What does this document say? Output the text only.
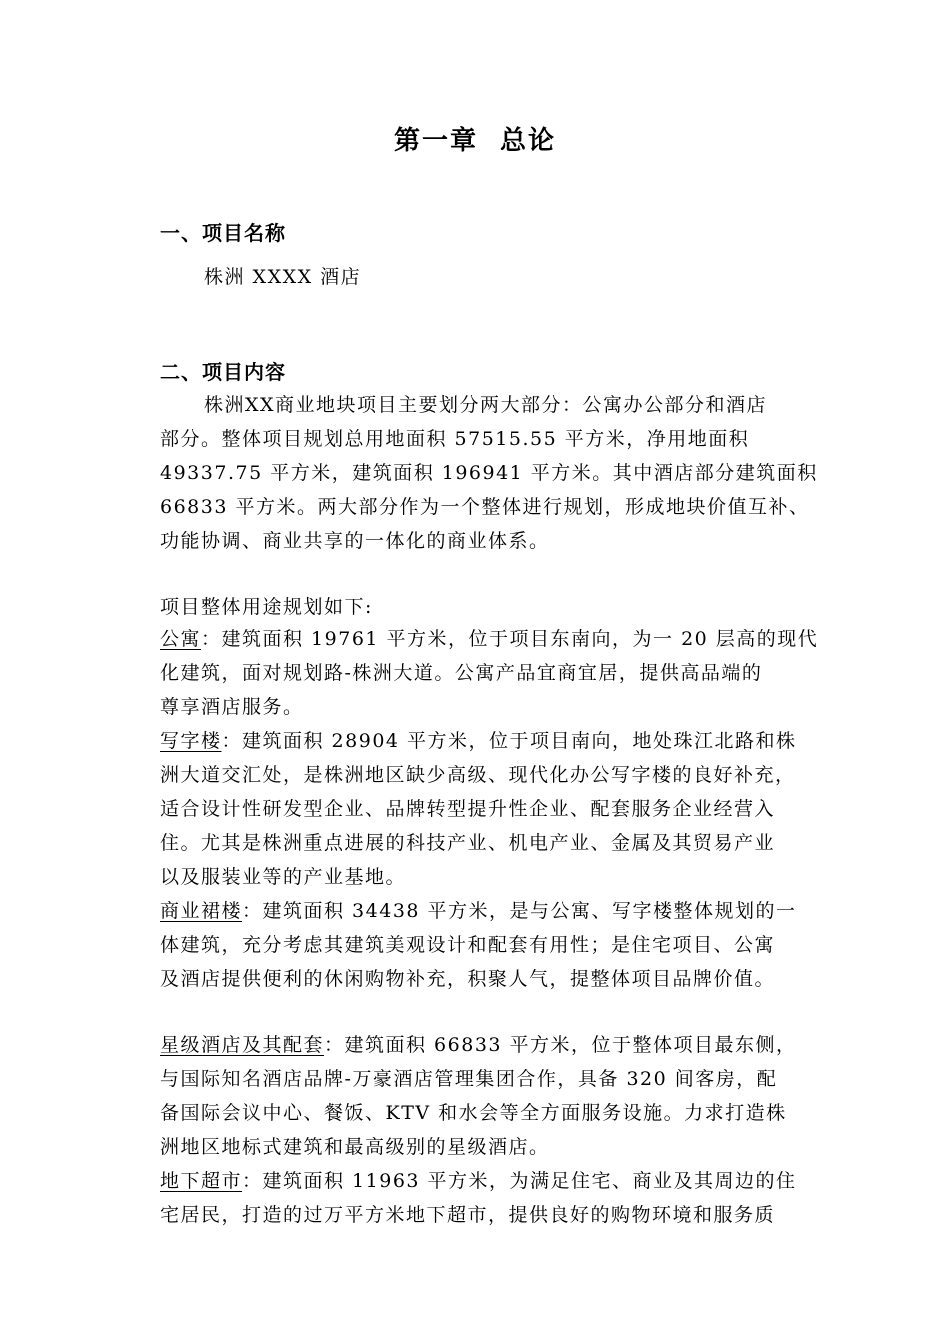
第一章 总论
一、项目名称
株洲 XXXX 酒店
二、项目内容
株洲XX商业地块项目主要划分两大部分：公寓办公部分和酒店
部分。整体项目规划总用地面积 57515.55 平方米，净用地面积
49337.75 平方米，建筑面积 196941 平方米。其中酒店部分建筑面积
66833 平方米。两大部分作为一个整体进行规划，形成地块价值互补、
功能协调、商业共享的一体化的商业体系。
项目整体用途规划如下:
公寓：建筑面积 19761 平方米，位于项目东南向，为一 20 层高的现代
化建筑，面对规划路-株洲大道。公寓产品宜商宜居，提供高品端的
尊享酒店服务。
写字楼：建筑面积 28904 平方米，位于项目南向，地处珠江北路和株
洲大道交汇处，是株洲地区缺少高级、现代化办公写字楼的良好补充，
适合设计性研发型企业、品牌转型提升性企业、配套服务企业经营入
住。尤其是株洲重点进展的科技产业、机电产业、金属及其贸易产业
以及服装业等的产业基地。
商业裙楼：建筑面积 34438 平方米，是与公寓、写字楼整体规划的一
体建筑，充分考虑其建筑美观设计和配套有用性；是住宅项目、公寓
及酒店提供便利的休闲购物补充，积聚人气，提整体项目品牌价值。
星级酒店及其配套：建筑面积 66833 平方米，位于整体项目最东侧，
与国际知名酒店品牌-万豪酒店管理集团合作，具备 320 间客房，配
备国际会议中心、餐饭、KTV 和水会等全方面服务设施。力求打造株
洲地区地标式建筑和最高级别的星级酒店。
地下超市：建筑面积 11963 平方米，为满足住宅、商业及其周边的住
宅居民，打造的过万平方米地下超市，提供良好的购物环境和服务质
